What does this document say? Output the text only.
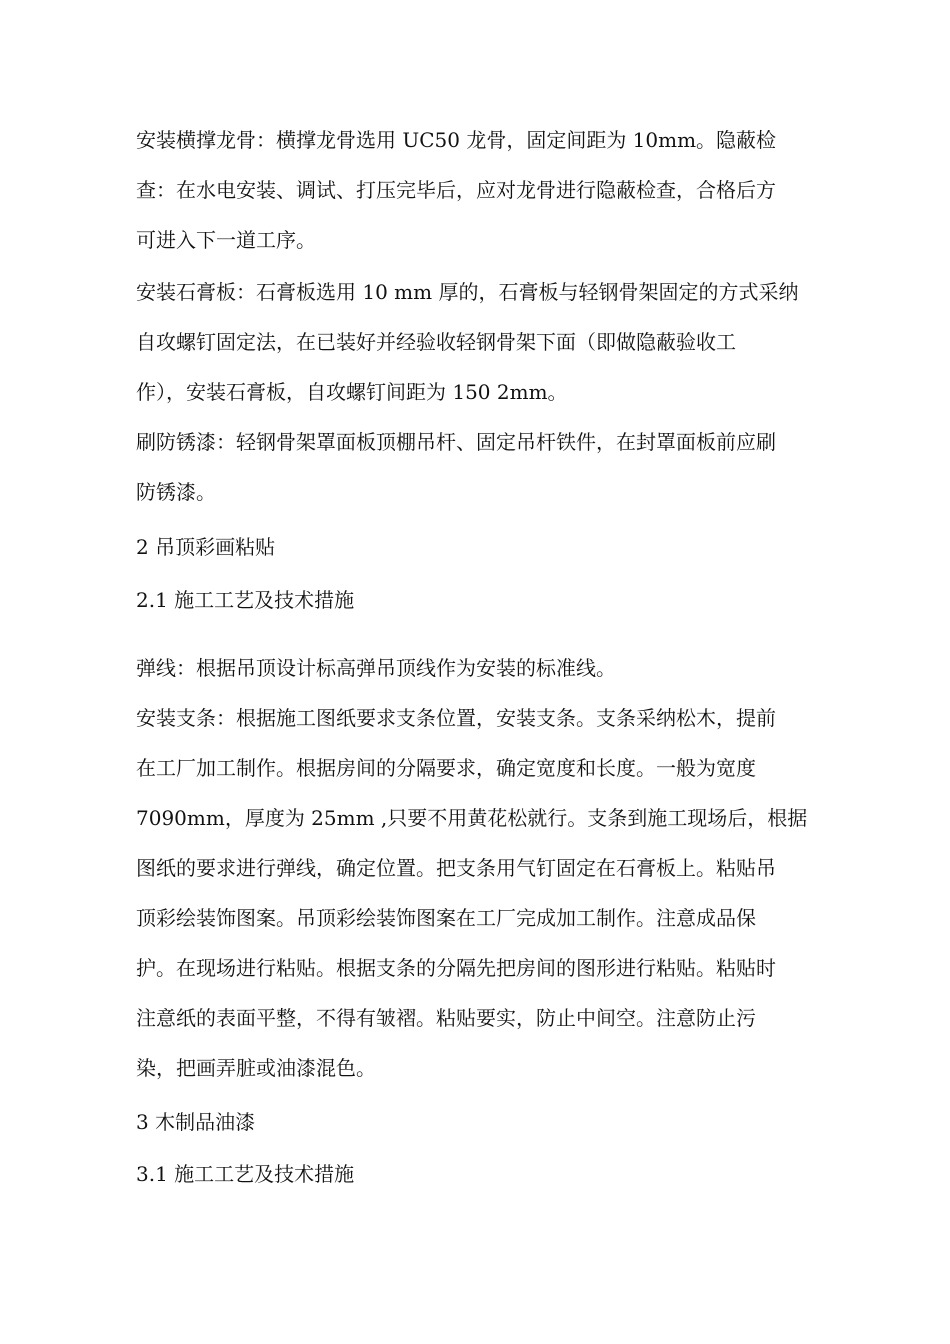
安装横撑龙骨：横撑龙骨选用 UC50 龙骨，固定间距为 10mm。隐蔽检
查：在水电安装、调试、打压完毕后，应对龙骨进行隐蔽检查，合格后方
可进入下一道工序。
安装石膏板：石膏板选用 10 mm 厚的，石膏板与轻钢骨架固定的方式采纳
自攻螺钉固定法，在已装好并经验收轻钢骨架下面（即做隐蔽验收工
作），安装石膏板，自攻螺钉间距为 150 2mm。
刷防锈漆：轻钢骨架罩面板顶棚吊杆、固定吊杆铁件，在封罩面板前应刷
防锈漆。
2 吊顶彩画粘贴
2.1 施工工艺及技术措施
弹线：根据吊顶设计标高弹吊顶线作为安装的标准线。
安装支条：根据施工图纸要求支条位置，安装支条。支条采纳松木，提前
在工厂加工制作。根据房间的分隔要求，确定宽度和长度。一般为宽度
7090mm，厚度为 25mm ,只要不用黄花松就行。支条到施工现场后，根据
图纸的要求进行弹线，确定位置。把支条用气钉固定在石膏板上。粘贴吊
顶彩绘装饰图案。吊顶彩绘装饰图案在工厂完成加工制作。注意成品保
护。在现场进行粘贴。根据支条的分隔先把房间的图形进行粘贴。粘贴时
注意纸的表面平整，不得有皱褶。粘贴要实，防止中间空。注意防止污
染，把画弄脏或油漆混色。
3 木制品油漆
3.1 施工工艺及技术措施
